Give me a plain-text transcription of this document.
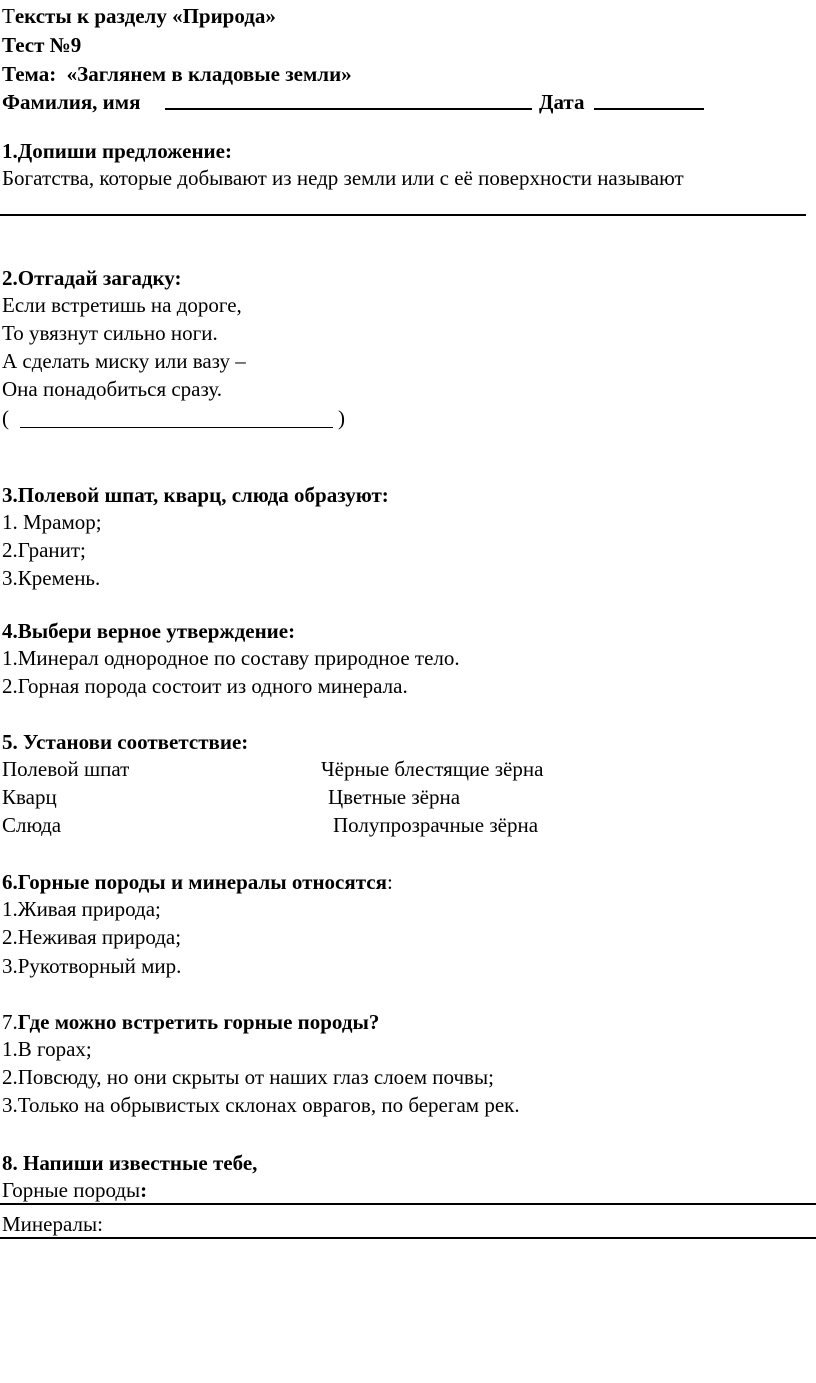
Тексты к разделу «Природа»
Тест №9
Тема:  «Заглянем в кладовые земли»
Фамилия, имя	Дата
1.Допиши предложение:
Богатства, которые добывают из недр земли или с её поверхности называют
2.Отгадай загадку:
Если встретишь на дороге,
То увязнут сильно ноги.
А сделать миску или вазу –
Она понадобиться сразу.
(	)
3.Полевой шпат, кварц, слюда образуют:
1. Мрамор;
2.Гранит;
3.Кремень.
4.Выбери верное утверждение:
1.Минерал однородное по составу природное тело.
2.Горная порода состоит из одного минерала.
5. Установи соответствие:
Полевой шпат
Кварц
Слюда
Чёрные блестящие зёрна
Цветные зёрна
Полупрозрачные зёрна
6.Горные породы и минералы относятся:
1.Живая природа;
2.Неживая природа;
3.Рукотворный мир.
7.Где можно встретить горные породы?
1.В горах;
2.Повсюду, но они скрыты от наших глаз слоем почвы;
3.Только на обрывистых склонах оврагов, по берегам рек.
8. Напиши известные тебе,
Горные породы:
Минералы:
